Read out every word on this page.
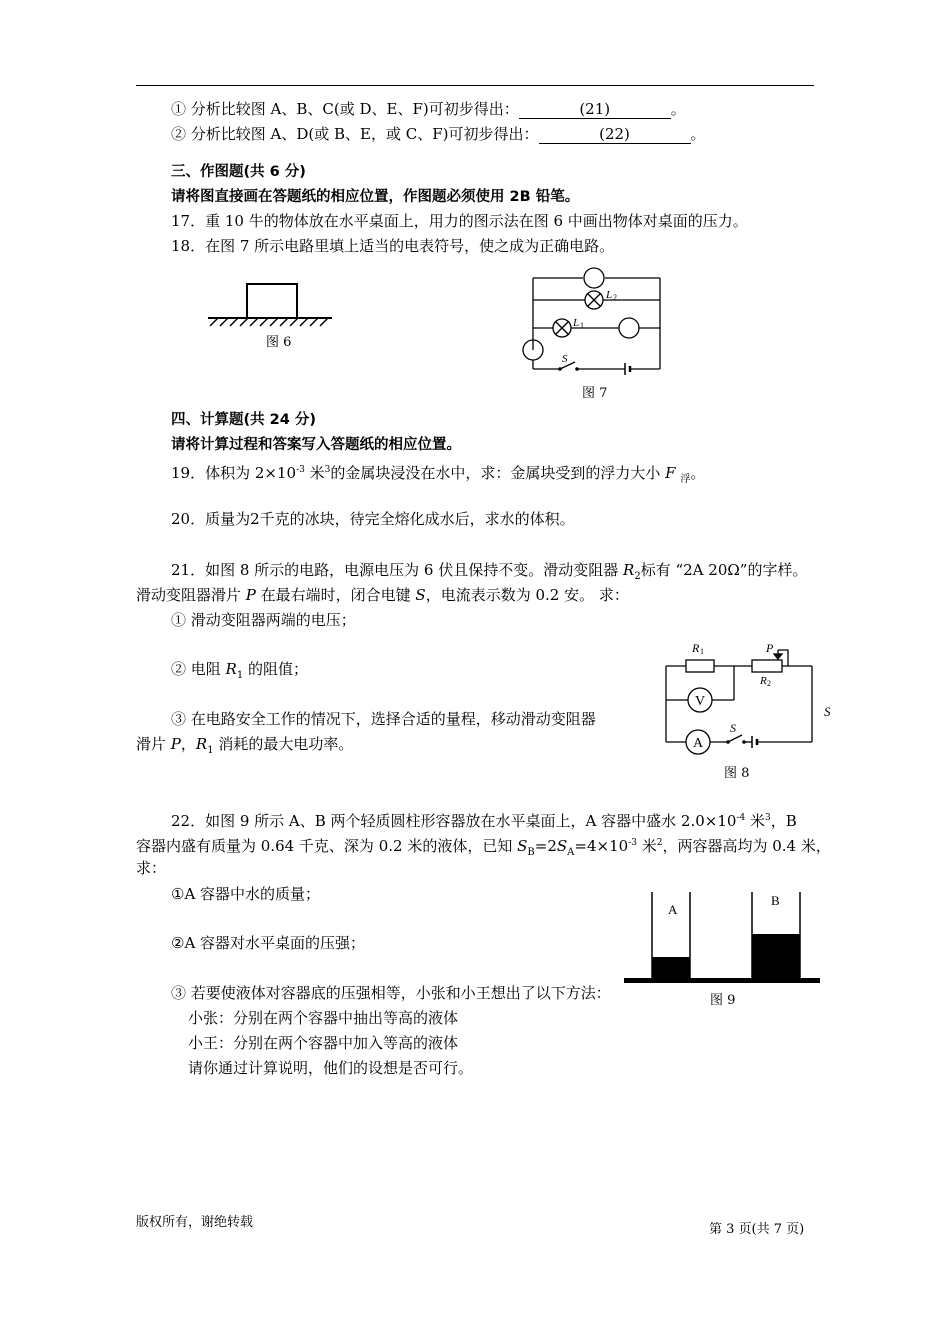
① 分析比较图 A、B、C(或 D、E、F)可初步得出：	(21)	。
② 分析比较图 A、D(或 B、E，或 C、F)可初步得出：	(22)	。
三、作图题(共 6 分)
请将图直接画在答题纸的相应位置，作图题必须使用 2B 铅笔。
17．重 10 牛的物体放在水平桌面上，用力的图示法在图 6 中画出物体对桌面的压力。
18．在图 7 所示电路里填上适当的电表符号，使之成为正确电路。
图 6
L 2
L 1
S
图 7
四、计算题(共 24 分)
请将计算过程和答案写入答题纸的相应位置。
19．体积为 $2\times 10^{-3}$ 米$^3$的金属块浸没在水中，求：金属块受到的浮力大小 F $_浮$。
20．质量为2千克的冰块，待完全熔化成水后，求水的体积。
21．如图 8 所示的电路，电源电压为 6 伏且保持不变。滑动变阻器 $R_2$标有 “2A 20Ω”的字样。
滑动变阻器滑片 P 在最右端时，闭合电键 S，电流表示数为 0.2 安。 求：
① 滑动变阻器两端的电压；
② 电阻 $R_1$ 的阻值；
③ 在电路安全工作的情况下，选择合适的量程，移动滑动变阻器
滑片 P，$R_1$ 消耗的最大电功率。
R 1	P
R 2
V
A
S
S
图 8
22．如图 9 所示 A、B 两个轻质圆柱形容器放在水平桌面上，A 容器中盛水 $2.0\times 10^{-4}$ 米$^3$，B
容器内盛有质量为 0.64 千克、深为 0.2 米的液体，已知 $S_B=2S_A=4\times 10^{-3}$ 米$^2$，两容器高均为 0.4 米，
求：
①A 容器中水的质量；
②A 容器对水平桌面的压强；
③ 若要使液体对容器底的压强相等，小张和小王想出了以下方法：
小张：分别在两个容器中抽出等高的液体
小王：分别在两个容器中加入等高的液体
请你通过计算说明，他们的设想是否可行。
A
B
图 9
版权所有，谢绝转载	第 3 页(共 7 页)
